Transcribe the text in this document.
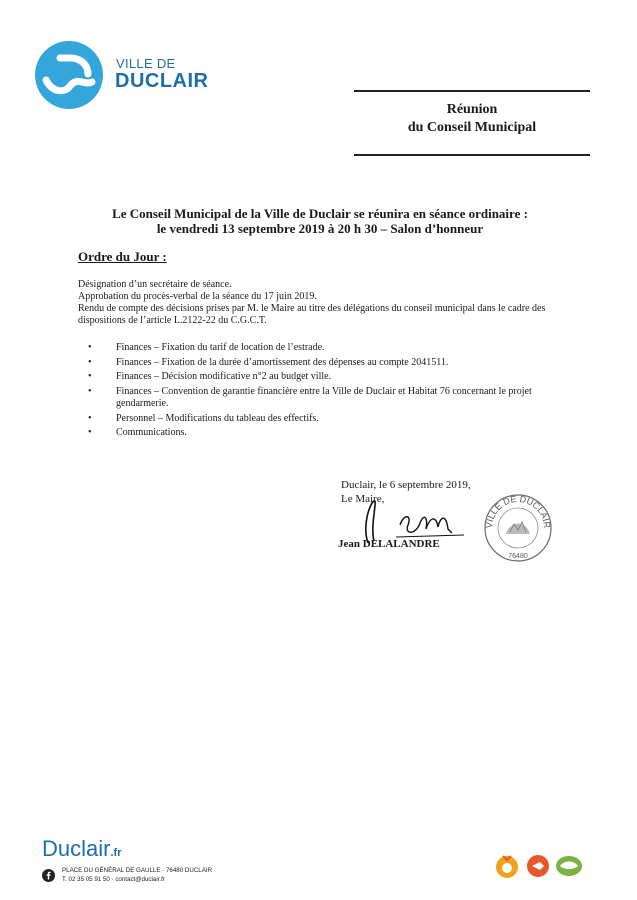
VILLE DE
DUCLAIR
Réunion
du Conseil Municipal
Le Conseil Municipal de la Ville de Duclair se réunira en séance ordinaire :
le vendredi 13 septembre 2019 à 20 h 30 – Salon d’honneur
Ordre du Jour :
Désignation d’un secrétaire de séance.
Approbation du procès-verbal de la séance du 17 juin 2019.
Rendu de compte des décisions prises par M. le Maire au titre des délégations du conseil municipal dans le cadre des dispositions de l’article L.2122-22 du C.G.C.T.
• Finances – Fixation du tarif de location de l’estrade.
• Finances – Fixation de la durée d’amortissement des dépenses au compte 2041511.
• Finances – Décision modificative n°2 au budget ville.
• Finances – Convention de garantie financière entre la Ville de Duclair et Habitat 76 concernant le projet gendarmerie.
• Personnel – Modifications du tableau des effectifs.
• Communications.
Duclair, le 6 septembre 2019,
Le Maire,
Jean DELALANDRE
VILLE DE DUCLAIR
76480
Duclair.fr
PLACE DU GÉNÉRAL DE GAULLE · 76480 DUCLAIR
T. 02 35 05 91 50 · contact@duclair.fr
